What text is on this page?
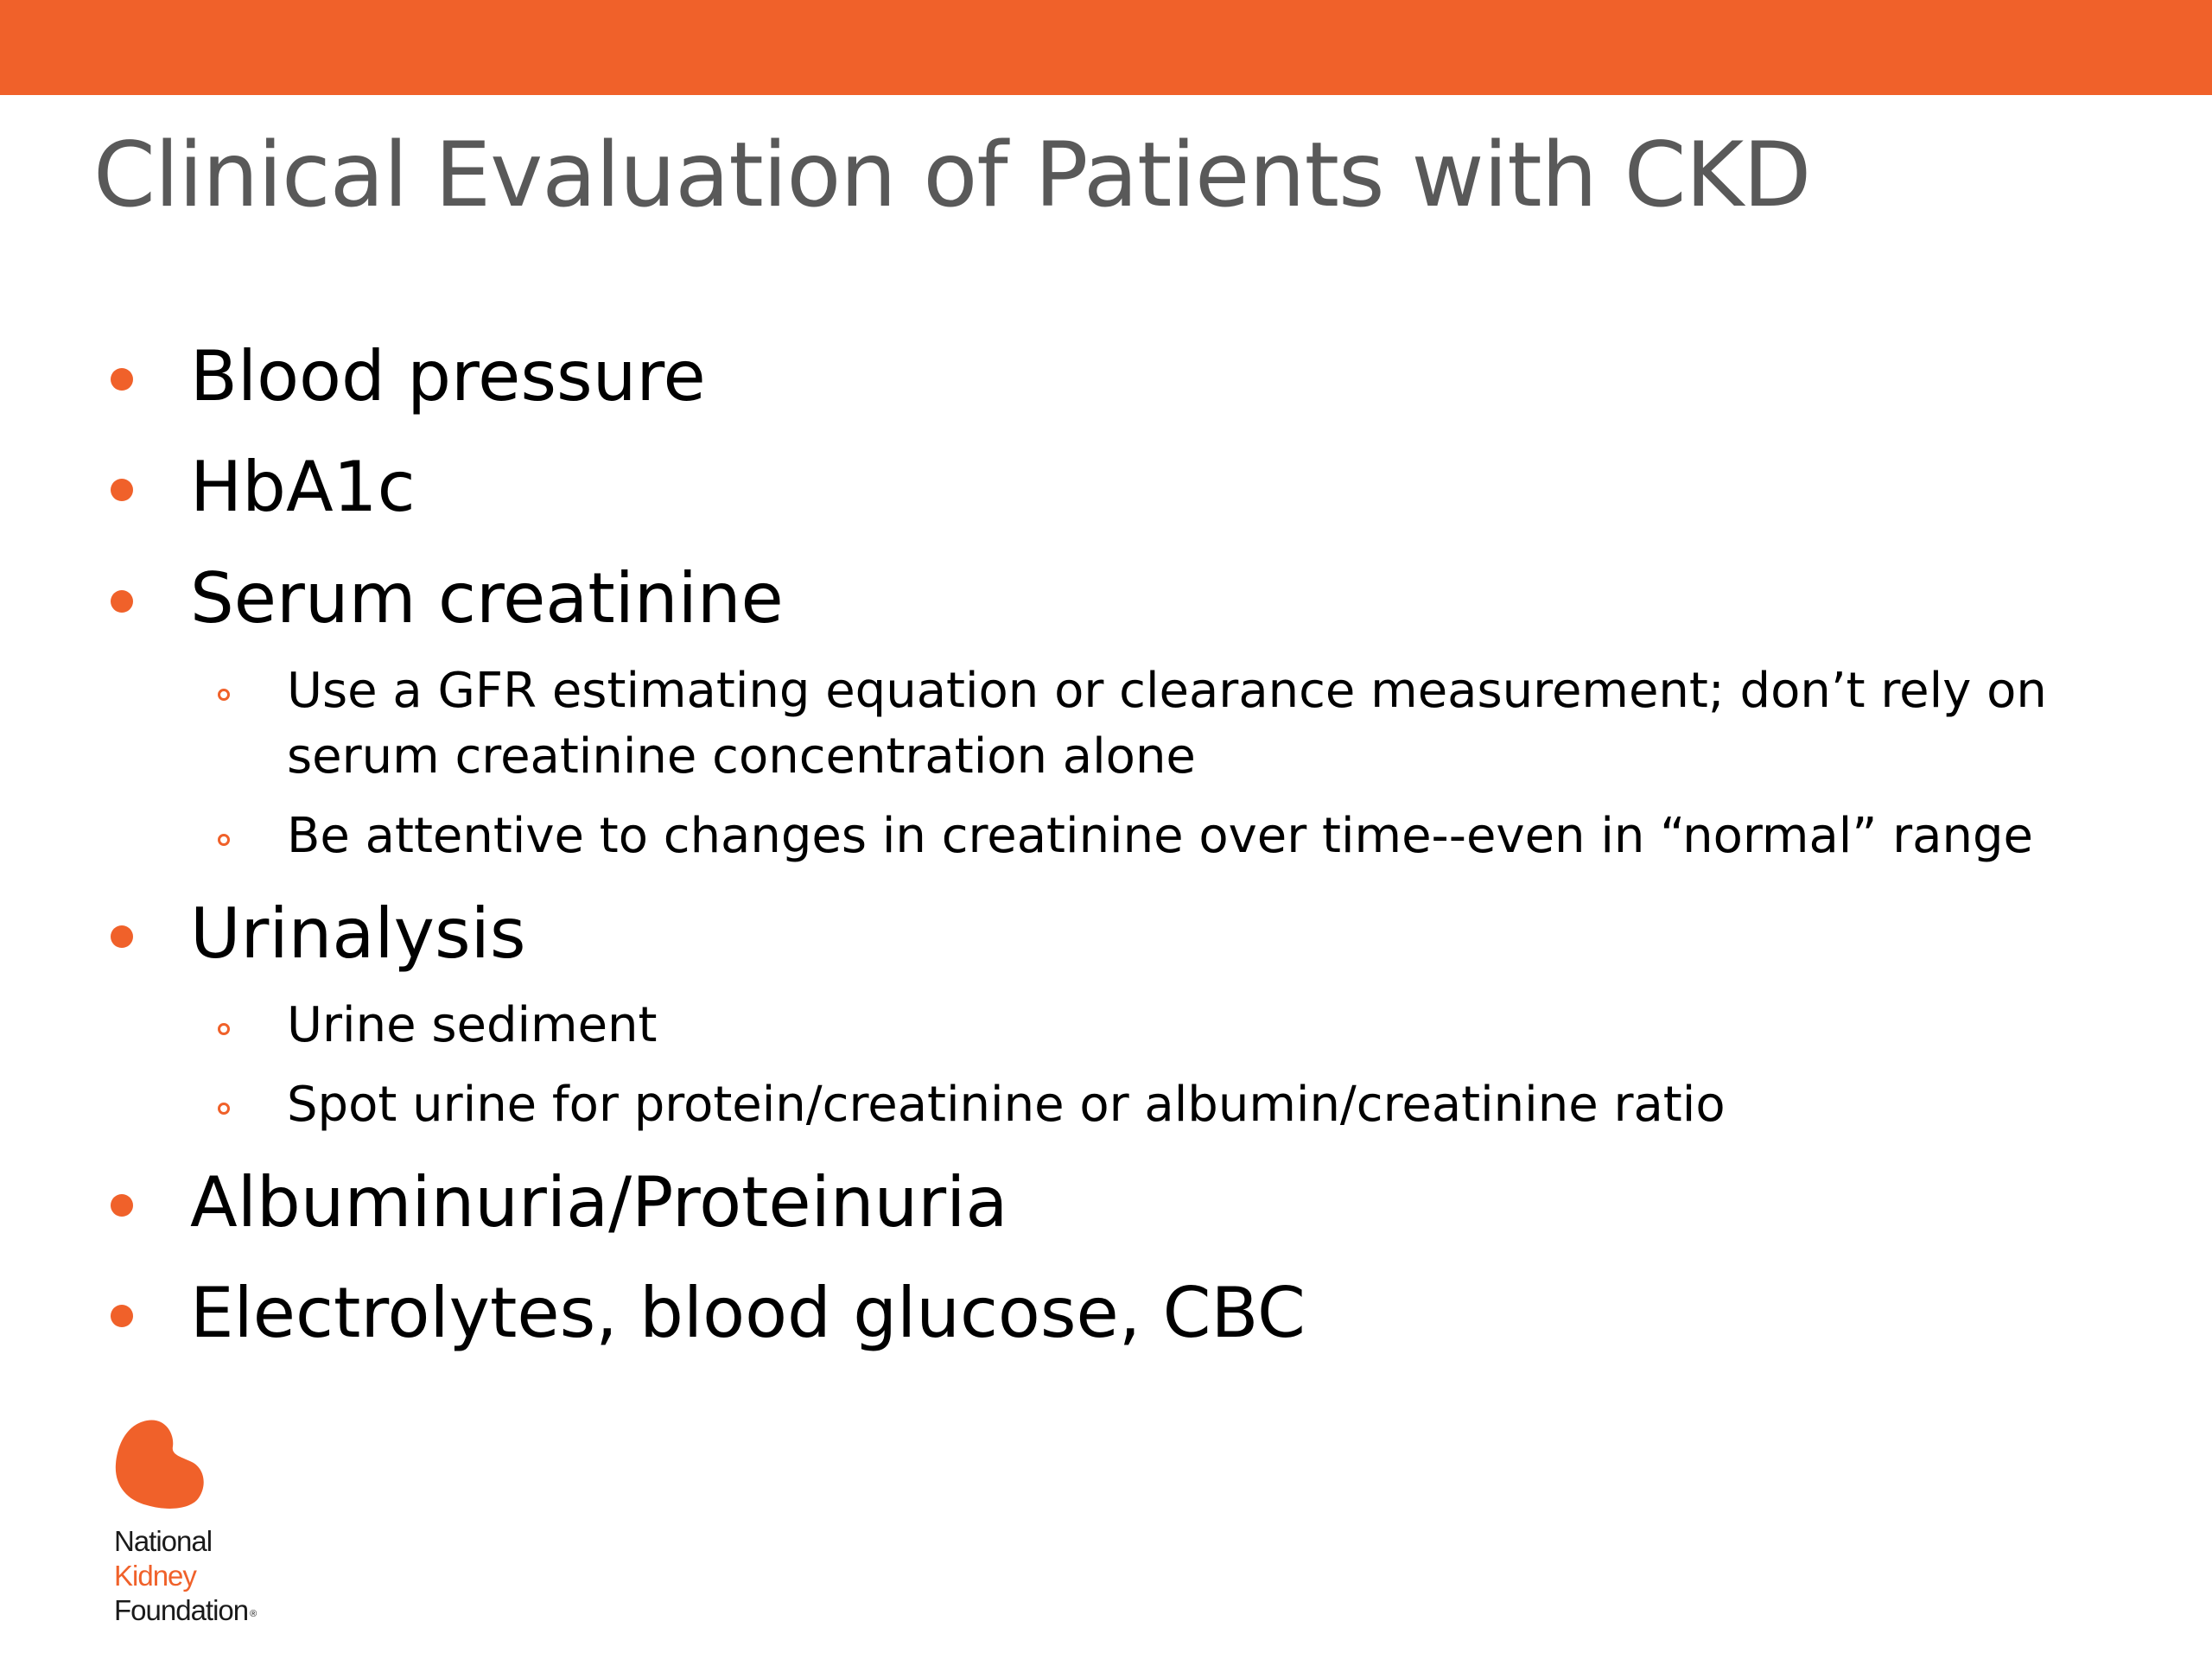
Clinical Evaluation of Patients with CKD
Blood pressure
HbA1c
Serum creatinine
Use a GFR estimating equation or clearance measurement; don’t rely on serum creatinine concentration alone
Be attentive to changes in creatinine over time--even in “normal” range
Urinalysis
Urine sediment
Spot urine for protein/creatinine or albumin/creatinine ratio
Albuminuria/Proteinuria
Electrolytes, blood glucose, CBC
National
Kidney
Foundation ®
